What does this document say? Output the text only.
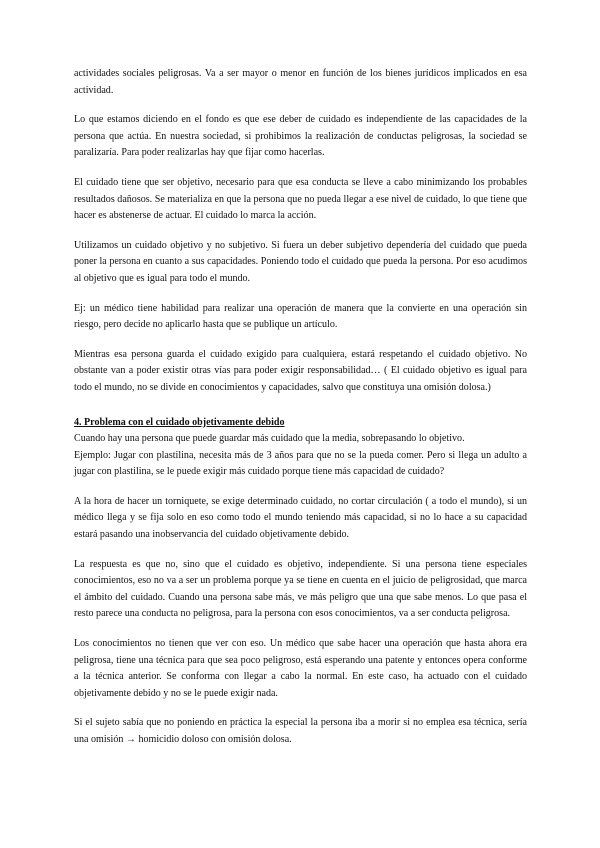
actividades sociales peligrosas. Va a ser mayor o menor en función de los bienes jurídicos implicados en esa actividad.

Lo que estamos diciendo en el fondo es que ese deber de cuidado es independiente de las capacidades de la persona que actúa. En nuestra sociedad, si prohibimos la realización de conductas peligrosas, la sociedad se paralizaría. Para poder realizarlas hay que fijar como hacerlas.

El cuidado tiene que ser objetivo, necesario para que esa conducta se lleve a cabo minimizando los probables resultados dañosos. Se materializa en que la persona que no pueda llegar a ese nivel de cuidado, lo que tiene que hacer es abstenerse de actuar. El cuidado lo marca la acción.

Utilizamos un cuidado objetivo y no subjetivo. Si fuera un deber subjetivo dependería del cuidado que pueda poner la persona en cuanto a sus capacidades. Poniendo todo el cuidado que pueda la persona. Por eso acudimos al objetivo que es igual para todo el mundo.

Ej: un médico tiene habilidad para realizar una operación de manera que la convierte en una operación sin riesgo, pero decide no aplicarlo hasta que se publique un artículo.

Mientras esa persona guarda el cuidado exigido para cualquiera, estará respetando el cuidado objetivo. No obstante van a poder existir otras vías para poder exigir responsabilidad… ( El cuidado objetivo es igual para todo el mundo, no se divide en conocimientos y capacidades, salvo que constituya una omisión dolosa.)

4. Problema con el cuidado objetivamente debido

Cuando hay una persona que puede guardar más cuidado que la media, sobrepasando lo objetivo.

Ejemplo: Jugar con plastilina, necesita más de 3 años para que no se la pueda comer. Pero si llega un adulto a jugar con plastilina, se le puede exigir más cuidado porque tiene más capacidad de cuidado?

A la hora de hacer un torniquete, se exige determinado cuidado, no cortar circulación ( a todo el mundo), si un médico llega y se fija solo en eso como todo el mundo teniendo más capacidad, si no lo hace a su capacidad estará pasando una inobservancia del cuidado objetivamente debido.

La respuesta es que no, sino que el cuidado es objetivo, independiente. Si una persona tiene especiales conocimientos, eso no va a ser un problema porque ya se tiene en cuenta en el juicio de peligrosidad, que marca el ámbito del cuidado. Cuando una persona sabe más, ve más peligro que una que sabe menos. Lo que pasa el resto parece una conducta no peligrosa, para la persona con esos conocimientos, va a ser conducta peligrosa.

Los conocimientos no tienen que ver con eso. Un médico que sabe hacer una operación que hasta ahora era peligrosa, tiene una técnica para que sea poco peligroso, está esperando una patente y entonces opera conforme a la técnica anterior. Se conforma con llegar a cabo la normal. En este caso, ha actuado con el cuidado objetivamente debido y no se le puede exigir nada.

Si el sujeto sabía que no poniendo en práctica la especial la persona iba a morir si no emplea esa técnica, sería una omisión → homicidio doloso con omisión dolosa.
